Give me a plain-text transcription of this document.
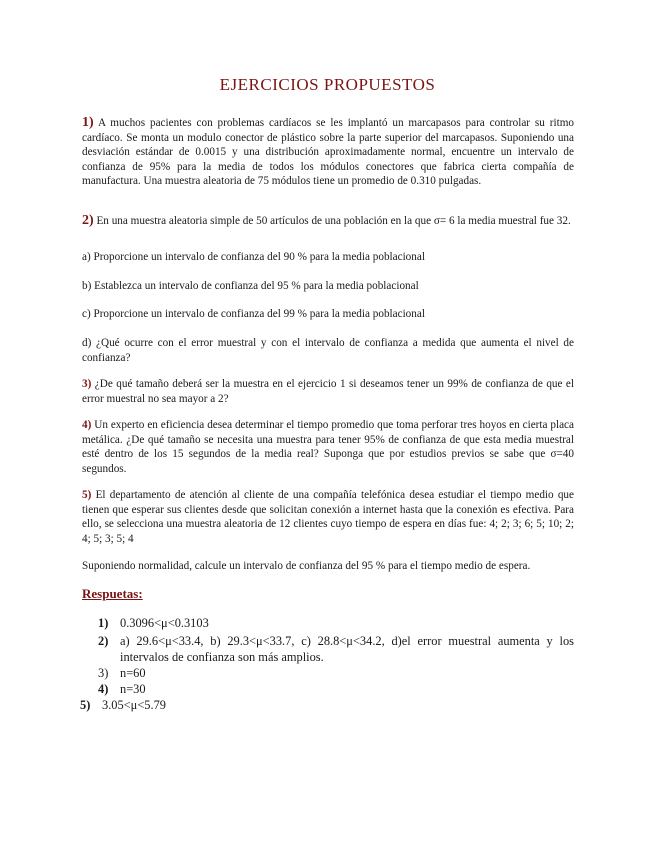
EJERCICIOS PROPUESTOS
1) A muchos pacientes con problemas cardíacos se les implantó un marcapasos para controlar su ritmo cardíaco. Se monta un modulo conector de plástico sobre la parte superior del marcapasos. Suponiendo una desviación estándar de 0.0015 y una distribución aproximadamente normal, encuentre un intervalo de confianza de 95% para la media de todos los módulos conectores que fabrica cierta compañía de manufactura. Una muestra aleatoria de 75 módulos tiene un promedio de 0.310 pulgadas.
2) En una muestra aleatoria simple de 50 artículos de una población en la que σ= 6 la media muestral fue 32.
a) Proporcione un intervalo de confianza del 90 % para la media poblacional
b) Establezca un intervalo de confianza del 95 % para la media poblacional
c) Proporcione un intervalo de confianza del 99 % para la media poblacional
d) ¿Qué ocurre con el error muestral y con el intervalo de confianza a medida que aumenta el nivel de confianza?
3) ¿De qué tamaño deberá ser la muestra en el ejercicio 1 si deseamos tener un 99% de confianza de que el error muestral no sea mayor a 2?
4) Un experto en eficiencia desea determinar el tiempo promedio que toma perforar tres hoyos en cierta placa metálica. ¿De qué tamaño se necesita una muestra para tener 95% de confianza de que esta media muestral esté dentro de los 15 segundos de la media real? Suponga que por estudios previos se sabe que σ=40 segundos.
5) El departamento de atención al cliente de una compañía telefónica desea estudiar el tiempo medio que tienen que esperar sus clientes desde que solicitan conexión a internet hasta que la conexión es efectiva. Para ello, se selecciona una muestra aleatoria de 12 clientes cuyo tiempo de espera en días fue: 4; 2; 3; 6; 5; 10; 2; 4; 5; 3; 5; 4
Suponiendo normalidad, calcule un intervalo de confianza del 95 % para el tiempo medio de espera.
Respuetas:
1) 0.3096<μ<0.3103
2) a) 29.6<μ<33.4, b) 29.3<μ<33.7, c) 28.8<μ<34.2, d)el error muestral aumenta y los intervalos de confianza son más amplios.
3) n=60
4) n=30
5) 3.05<μ<5.79
